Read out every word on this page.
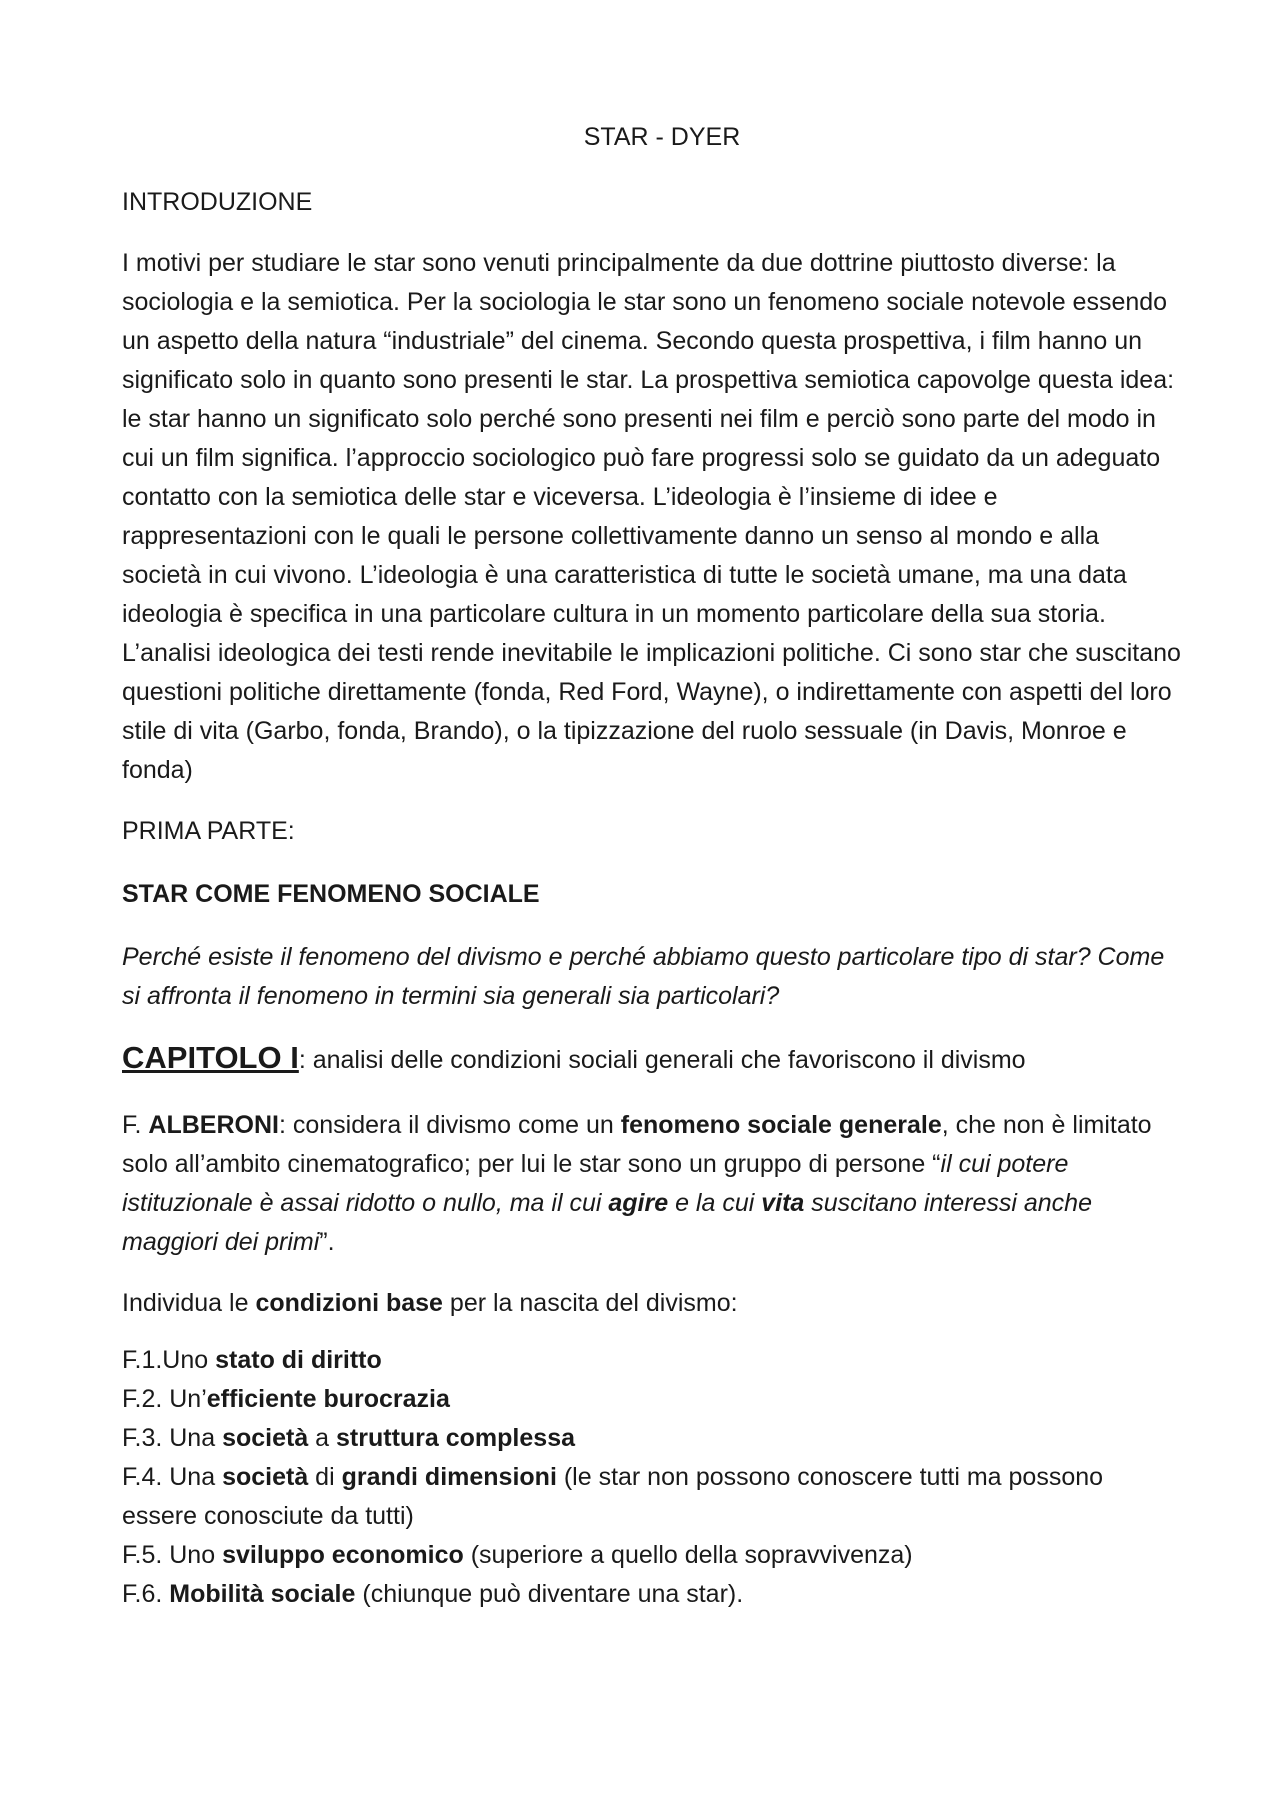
STAR - DYER

INTRODUZIONE

I motivi per studiare le star sono venuti principalmente da due dottrine piuttosto diverse: la sociologia e la semiotica. Per la sociologia le star sono un fenomeno sociale notevole essendo un aspetto della natura “industriale” del cinema. Secondo questa prospettiva, i film hanno un significato solo in quanto sono presenti le star. La prospettiva semiotica capovolge questa idea: le star hanno un significato solo perché sono presenti nei film e perciò sono parte del modo in cui un film significa. l’approccio sociologico può fare progressi solo se guidato da un adeguato contatto con la semiotica delle star e viceversa. L’ideologia è l’insieme di idee e rappresentazioni con le quali le persone collettivamente danno un senso al mondo e alla società in cui vivono. L’ideologia è una caratteristica di tutte le società umane, ma una data ideologia è specifica in una particolare cultura in un momento particolare della sua storia. L’analisi ideologica dei testi rende inevitabile le implicazioni politiche. Ci sono star che suscitano questioni politiche direttamente (fonda, Red Ford, Wayne), o indirettamente con aspetti del loro stile di vita (Garbo, fonda, Brando), o la tipizzazione del ruolo sessuale (in Davis, Monroe e fonda)

PRIMA PARTE:

STAR COME FENOMENO SOCIALE

Perché esiste il fenomeno del divismo e perché abbiamo questo particolare tipo di star? Come si affronta il fenomeno in termini sia generali sia particolari?

CAPITOLO I: analisi delle condizioni sociali generali che favoriscono il divismo

F. ALBERONI: considera il divismo come un fenomeno sociale generale, che non è limitato solo all’ambito cinematografico; per lui le star sono un gruppo di persone “il cui potere istituzionale è assai ridotto o nullo, ma il cui agire e la cui vita suscitano interessi anche maggiori dei primi”.

Individua le condizioni base per la nascita del divismo:

F.1.Uno stato di diritto
F.2. Un’efficiente burocrazia
F.3. Una società a struttura complessa
F.4. Una società di grandi dimensioni (le star non possono conoscere tutti ma possono essere conosciute da tutti)
F.5. Uno sviluppo economico (superiore a quello della sopravvivenza)
F.6. Mobilità sociale (chiunque può diventare una star).
